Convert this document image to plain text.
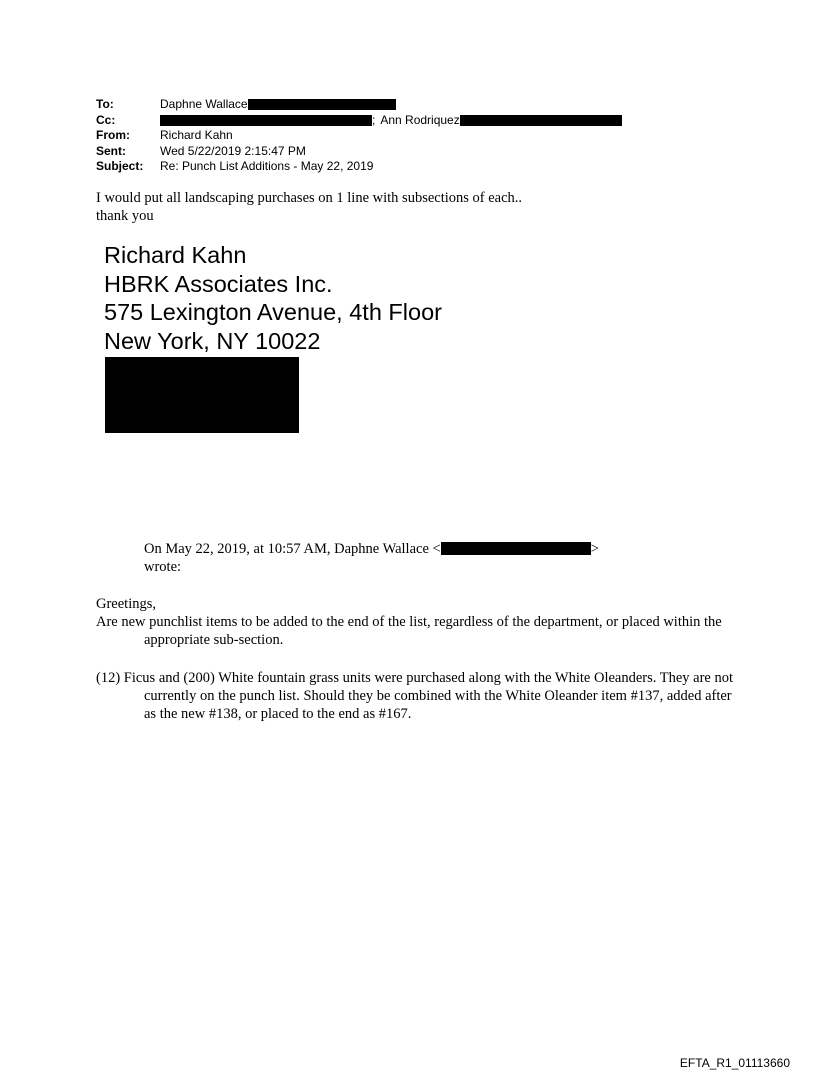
To:	Daphne Wallace
Cc:	; Ann Rodriquez
From:	Richard Kahn
Sent:	Wed 5/22/2019 2:15:47 PM
Subject:	Re: Punch List Additions - May 22, 2019
I would put all landscaping purchases on 1 line with subsections of each..
thank you
Richard Kahn
HBRK Associates Inc.
575 Lexington Avenue, 4th Floor
New York, NY 10022
On May 22, 2019, at 10:57 AM, Daphne Wallace <	>
wrote:
Greetings,
Are new punchlist items to be added to the end of the list, regardless of the department, or placed within the appropriate sub-section.
(12) Ficus and (200) White fountain grass units were purchased along with the White Oleanders. They are not currently on the punch list. Should they be combined with the White Oleander item #137, added after as the new #138, or placed to the end as #167.
EFTA_R1_01113660
